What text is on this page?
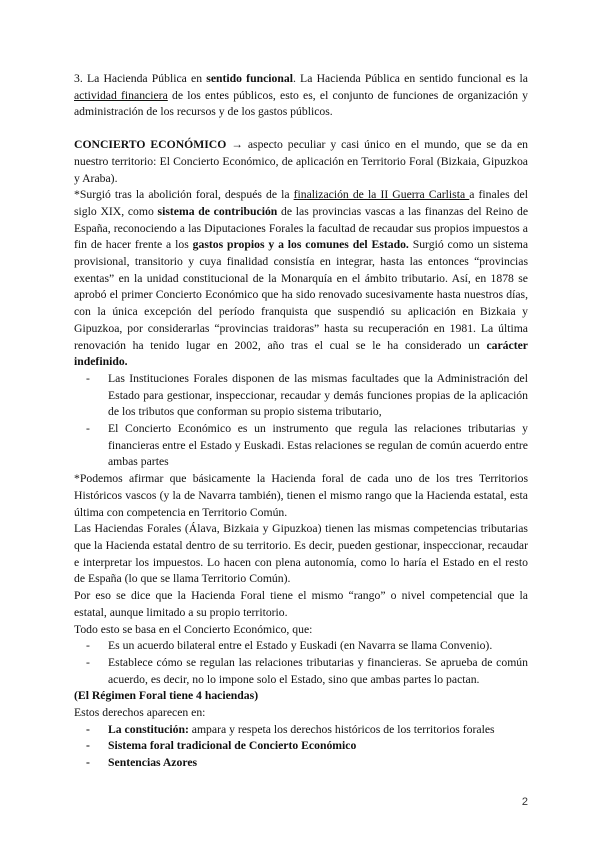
3. La Hacienda Pública en sentido funcional. La Hacienda Pública en sentido funcional es la actividad financiera de los entes públicos, esto es, el conjunto de funciones de organización y administración de los recursos y de los gastos públicos.

CONCIERTO ECONÓMICO → aspecto peculiar y casi único en el mundo, que se da en nuestro territorio: El Concierto Económico, de aplicación en Territorio Foral (Bizkaia, Gipuzkoa y Araba).

*Surgió tras la abolición foral, después de la finalización de la II Guerra Carlista a finales del siglo XIX, como sistema de contribución de las provincias vascas a las finanzas del Reino de España, reconociendo a las Diputaciones Forales la facultad de recaudar sus propios impuestos a fin de hacer frente a los gastos propios y a los comunes del Estado. Surgió como un sistema provisional, transitorio y cuya finalidad consistía en integrar, hasta las entonces “provincias exentas” en la unidad constitucional de la Monarquía en el ámbito tributario. Así, en 1878 se aprobó el primer Concierto Económico que ha sido renovado sucesivamente hasta nuestros días, con la única excepción del período franquista que suspendió su aplicación en Bizkaia y Gipuzkoa, por considerarlas “provincias traidoras” hasta su recuperación en 1981. La última renovación ha tenido lugar en 2002, año tras el cual se le ha considerado un carácter indefinido.

- Las Instituciones Forales disponen de las mismas facultades que la Administración del Estado para gestionar, inspeccionar, recaudar y demás funciones propias de la aplicación de los tributos que conforman su propio sistema tributario,
- El Concierto Económico es un instrumento que regula las relaciones tributarias y financieras entre el Estado y Euskadi. Estas relaciones se regulan de común acuerdo entre ambas partes

*Podemos afirmar que básicamente la Hacienda foral de cada uno de los tres Territorios Históricos vascos (y la de Navarra también), tienen el mismo rango que la Hacienda estatal, esta última con competencia en Territorio Común.

Las Haciendas Forales (Álava, Bizkaia y Gipuzkoa) tienen las mismas competencias tributarias que la Hacienda estatal dentro de su territorio. Es decir, pueden gestionar, inspeccionar, recaudar e interpretar los impuestos. Lo hacen con plena autonomía, como lo haría el Estado en el resto de España (lo que se llama Territorio Común).

Por eso se dice que la Hacienda Foral tiene el mismo “rango” o nivel competencial que la estatal, aunque limitado a su propio territorio.

Todo esto se basa en el Concierto Económico, que:

- Es un acuerdo bilateral entre el Estado y Euskadi (en Navarra se llama Convenio).
- Establece cómo se regulan las relaciones tributarias y financieras. Se aprueba de común acuerdo, es decir, no lo impone solo el Estado, sino que ambas partes lo pactan.

(El Régimen Foral tiene 4 haciendas)

Estos derechos aparecen en:

- La constitución: ampara y respeta los derechos históricos de los territorios forales
- Sistema foral tradicional de Concierto Económico
- Sentencias Azores
2
